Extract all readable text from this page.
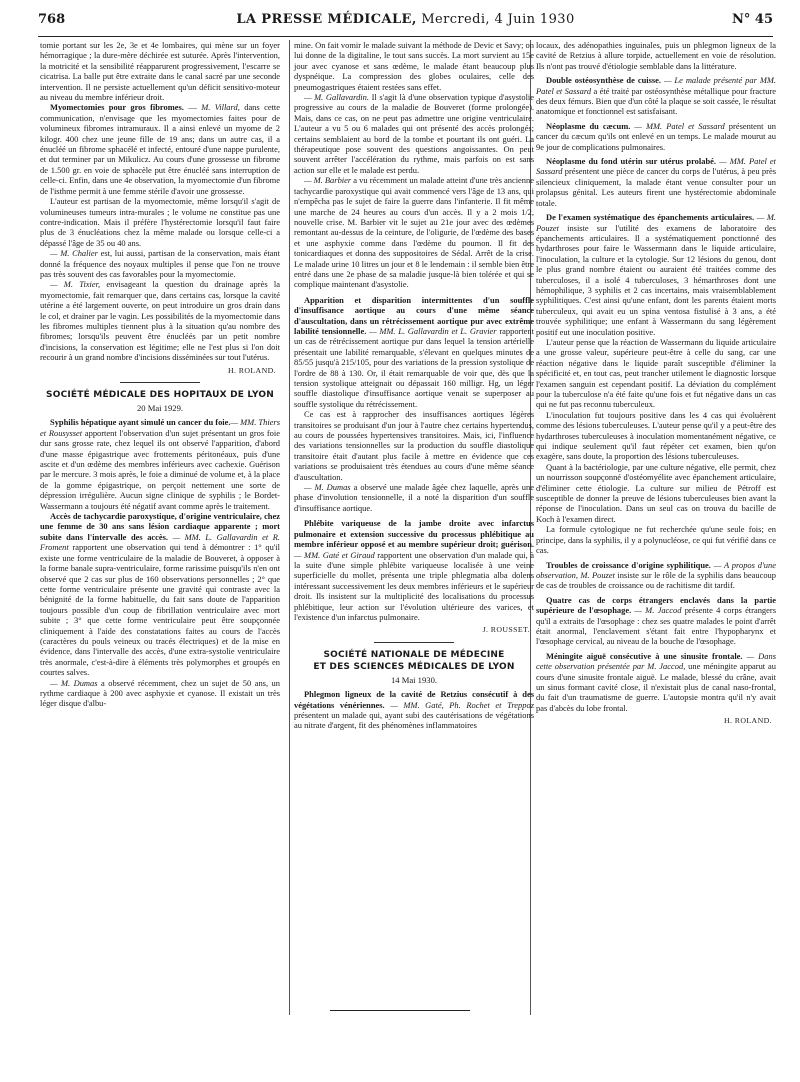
768	LA PRESSE MÉDICALE, Mercredi, 4 Juin 1930	N° 45

tomie portant sur les 2e, 3e et 4e lombaires, qui mène sur un foyer hémorragique ; la dure-mère déchirée est suturée. Après l'intervention, la motricité et la sensibilité réapparurent progressivement, l'escarre se cicatrisa. La balle put être extraite dans le canal sacré par une seconde intervention. Il ne persiste actuellement qu'un déficit sensitivo-moteur au niveau du membre inférieur droit.

Myomectomies pour gros fibromes. — M. Villard, dans cette communication, n'envisage que les myomectomies faites pour de volumineux fibromes intramuraux. Il a ainsi enlevé un myome de 2 kilogr. 400 chez une jeune fille de 19 ans; dans un autre cas, il a énucléé un fibrome sphacélé et infecté, entouré d'une nappe purulente, et dut terminer par un Mikulicz. Au cours d'une grossesse un fibrome de 1.500 gr. en voie de sphacèle put être énucléé sans interruption de celle-ci. Enfin, dans une 4e observation, la myomectomie d'un fibrome de l'isthme permit à une femme stérile d'avoir une grossesse.

L'auteur est partisan de la myomectomie, même lorsqu'il s'agit de volumineuses tumeurs intra-murales ; le volume ne constitue pas une contre-indication. Mais il préfère l'hystérectomie lorsqu'il faut faire plus de 3 énucléations chez la même malade ou lorsque celle-ci a dépassé l'âge de 35 ou 40 ans.

— M. Chalier est, lui aussi, partisan de la conservation, mais étant donné la fréquence des noyaux multiples il pense que l'on ne trouve pas très souvent des cas favorables pour la myomectomie.

— M. Tixier, envisageant la question du drainage après la myomectomie, fait remarquer que, dans certains cas, lorsque la cavité utérine a été largement ouverte, on peut introduire un gros drain dans le col, et drainer par le vagin. Les possibilités de la myomectomie dans les fibromes multiples tiennent plus à la situation qu'au nombre des fibromes; lorsqu'ils peuvent être énucléés par un petit nombre d'incisions, la conservation est légitime; elle ne l'est plus si l'on doit recourir à un grand nombre d'incisions disséminées sur tout l'utérus.

H. ROLAND.
SOCIÉTÉ MÉDICALE DES HOPITAUX DE LYON
20 Mai 1929.

Syphilis hépatique ayant simulé un cancer du foie.— MM. Thiers et Rousysset apportent l'observation d'un sujet présentant un gros foie dur sans grosse rate, chez lequel ils ont observé l'apparition, d'abord d'une masse épigastrique avec frottements péritonéaux, puis d'une ascite et d'un œdème des membres inférieurs avec cachexie. Guérison par le mercure. 3 mois après, le foie a diminué de volume et, à la place de la gomme épigastrique, on perçoit nettement une sorte de dépression irrégulière. Aucun signe clinique de syphilis ; le Bordet-Wassermann a toujours été négatif avant comme après le traitement.

Accès de tachycardie paroxystique, d'origine ventriculaire, chez une femme de 30 ans sans lésion cardiaque apparente ; mort subite dans l'intervalle des accès. — MM. L. Gallavardin et R. Froment rapportent une observation qui tend à démontrer : 1° qu'il existe une forme ventriculaire de la maladie de Bouveret, à opposer à la forme banale supra-ventriculaire, forme rarissime puisqu'ils n'en ont observé que 2 cas sur plus de 160 observations personnelles ; 2° que cette forme ventriculaire présente une gravité qui contraste avec la bénignité de la forme habituelle, du fait sans doute de l'apparition toujours possible d'un coup de fibrillation ventriculaire avec mort subite ; 3° que cette forme ventriculaire peut être soupçonnée cliniquement à l'aide des constatations faites au cours de l'accès (caractères du pouls veineux ou tracés électriques) et de la mise en évidence, dans l'intervalle des accès, d'une extra-systolie ventriculaire très anormale, c'est-à-dire à éléments très polymorphes et groupés en courtes salves.

— M. Dumas a observé récemment, chez un sujet de 50 ans, un rythme cardiaque à 200 avec asphyxie et cyanose. Il existait un très léger disque d'albu-

mine. On fait vomir le malade suivant la méthode de Devic et Savy; on lui donne de la digitaline, le tout sans succès. La mort survient au 15e jour avec cyanose et sans œdème, le malade étant beaucoup plus dyspnéique. La compression des globes oculaires, celle des pneumogastriques étaient restées sans effet.

— M. Gallavardin. Il s'agit là d'une observation typique d'asystolie progressive au cours de la maladie de Bouveret (forme prolongée). Mais, dans ce cas, on ne peut pas admettre une origine ventriculaire. L'auteur a vu 5 ou 6 malades qui ont présenté des accès prolongés; certains semblaient au bord de la tombe et pourtant ils ont guéri. La thérapeutique pose souvent des questions angoissantes. On peut souvent arrêter l'accélération du rythme, mais parfois on est sans action sur elle et le malade est perdu.

— M. Barbier a vu récemment un malade atteint d'une très ancienne tachycardie paroxystique qui avait commencé vers l'âge de 13 ans, qui n'empêcha pas le sujet de faire la guerre dans l'infanterie. Il fit même une marche de 24 heures au cours d'un accès. Il y a 2 mois 1/2, nouvelle crise. M. Barbier vit le sujet au 21e jour avec des œdèmes remontant au-dessus de la ceinture, de l'oligurie, de l'œdème des bases et une asphyxie comme dans l'œdème du poumon. Il fit des tonicardiaques et donna des suppositoires de Sédal. Arrêt de la crise. Le malade urine 10 litres un jour et 8 le lendemain : il semble bien être entré dans une 2e phase de sa maladie jusque-là bien tolérée et qui se complique maintenant d'asystolie.

Apparition et disparition intermittentes d'un souffle d'insuffisance aortique au cours d'une même séance d'auscultation, dans un rétrécissement aortique pur avec extrême labilité tensionnelle. — MM. L. Gallavardin et L. Gravier rapportent un cas de rétrécissement aortique pur dans lequel la tension artérielle présentait une labilité remarquable, s'élevant en quelques minutes de 85/55 jusqu'à 215/105, pour des variations de la pression systolique de l'ordre de 88 à 130. Or, il était remarquable de voir que, dès que la tension systolique atteignait ou dépassait 160 milligr. Hg, un léger souffle diastolique d'insuffisance aortique venait se superposer au souffle systolique du rétrécissement.

Ce cas est à rapprocher des insuffisances aortiques légères transitoires se produisant d'un jour à l'autre chez certains hypertendus, au cours de poussées hypertensives transitoires. Mais, ici, l'influence des variations tensionnelles sur la production du souffle diastolique transitoire était d'autant plus facile à mettre en évidence que ces variations se produisaient très étendues au cours d'une même séance d'auscultation.

— M. Dumas a observé une malade âgée chez laquelle, après une phase d'involution tensionnelle, il a noté la disparition d'un souffle d'insuffisance aortique.

Phlébite variqueuse de la jambe droite avec infarctus pulmonaire et extension successive du processus phlébitique au membre inférieur opposé et au membre supérieur droit; guérison. — MM. Gaté et Giraud rapportent une observation d'un malade qui, à la suite d'une simple phlébite variqueuse localisée à une veine superficielle du mollet, présenta une triple phlegmatia alba dolens intéressant successivement les deux membres inférieurs et le supérieur droit. Ils insistent sur la multiplicité des localisations du processus phlébitique, leur action sur l'évolution ultérieure des varices, et l'existence d'un infarctus pulmonaire.

J. ROUSSET.
SOCIÉTÉ NATIONALE DE MÉDECINE
ET DES SCIENCES MÉDICALES DE LYON
14 Mai 1930.

Phlegmon ligneux de la cavité de Retzius consécutif à des végétations vénériennes. — MM. Gaté, Ph. Rochet et Treppoz présentent un malade qui, ayant subi des cautérisations de végétations au nitrate d'argent, fit des phénomènes inflammatoires

locaux, des adénopathies inguinales, puis un phlegmon ligneux de la cavité de Retzius à allure torpide, actuellement en voie de résolution. Ils n'ont pas trouvé d'étiologie semblable dans la littérature.

Double ostéosynthèse de cuisse. — Le malade présenté par MM. Patel et Sassard a été traité par ostéosynthèse métallique pour fracture des deux fémurs. Bien que d'un côté la plaque se soit cassée, le résultat anatomique et fonctionnel est satisfaisant.

Néoplasme du cæcum. — MM. Patel et Sassard présentent un cancer du cæcum qu'ils ont enlevé en un temps. Le malade mourut au 9e jour de complications pulmonaires.

Néoplasme du fond utérin sur utérus prolabé. — MM. Patel et Sassard présentent une pièce de cancer du corps de l'utérus, à peu près silencieux cliniquement, la malade étant venue consulter pour un prolapsus génital. Les auteurs firent une hystérectomie abdominale totale.

De l'examen systématique des épanchements articulaires. — M. Pouzet insiste sur l'utilité des examens de laboratoire des épanchements articulaires. Il a systématiquement ponctionné des hydarthroses pour faire le Wassermann dans le liquide articulaire, l'inoculation, la culture et la cytologie. Sur 12 lésions du genou, dont le plus grand nombre étaient ou auraient été traitées comme des tuberculoses, il a isolé 4 tuberculoses, 3 hémarthroses dont une hémophilique, 3 syphilis et 2 cas incertains, mais vraisemblablement syphilitiques. C'est ainsi qu'une enfant, dont les parents étaient morts tuberculeux, qui avait eu un spina ventosa fistulisé à 3 ans, a été trouvée syphilitique; une enfant à Wassermann du sang légèrement positif eut une inoculation positive.

L'auteur pense que la réaction de Wassermann du liquide articulaire a une grosse valeur, supérieure peut-être à celle du sang, car une réaction négative dans le liquide paraît susceptible d'éliminer la spécificité et, en tout cas, peut trancher utilement le diagnostic lorsque l'examen sanguin est cependant positif. La déviation du complément pour la tuberculose n'a été faite qu'une fois et fut négative dans un cas qui ne fut pas reconnu tuberculeux.

L'inoculation fut toujours positive dans les 4 cas qui évoluèrent comme des lésions tuberculeuses. L'auteur pense qu'il y a peut-être des hydarthroses tuberculeuses à inoculation momentanément négative, ce qui indique seulement qu'il faut répéter cet examen, bien qu'on exagère, sans doute, la proportion des lésions tuberculeuses.

Quant à la bactériologie, par une culture négative, elle permit, chez un nourrisson soupçonné d'ostéomyélite avec épanchement articulaire, d'éliminer cette étiologie. La culture sur milieu de Pétroff est susceptible de donner la preuve de lésions tuberculeuses bien avant la réponse de l'inoculation. Dans un seul cas on trouva du bacille de Koch à l'examen direct.

La formule cytologique ne fut recherchée qu'une seule fois; en principe, dans la syphilis, il y a polynucléose, ce qui fut vérifié dans ce cas.

Troubles de croissance d'origine syphilitique. — A propos d'une observation, M. Pouzet insiste sur le rôle de la syphilis dans beaucoup de cas de troubles de croissance ou de rachitisme dit tardif.

Quatre cas de corps étrangers enclavés dans la partie supérieure de l'œsophage. — M. Jaccod présente 4 corps étrangers qu'il a extraits de l'œsophage : chez ses quatre malades le point d'arrêt était anormal, l'enclavement s'étant fait entre l'hypopharynx et l'œsophage cervical, au niveau de la bouche de l'œsophage.

Méningite aiguë consécutive à une sinusite frontale. — Dans cette observation présentée par M. Jaccod, une méningite apparut au cours d'une sinusite frontale aiguë. Le malade, blessé du crâne, avait un sinus formant cavité close, il n'existait plus de canal naso-frontal, du fait d'un traumatisme de guerre. L'autopsie montra qu'il n'y avait pas d'abcès du lobe frontal.

H. ROLAND.
